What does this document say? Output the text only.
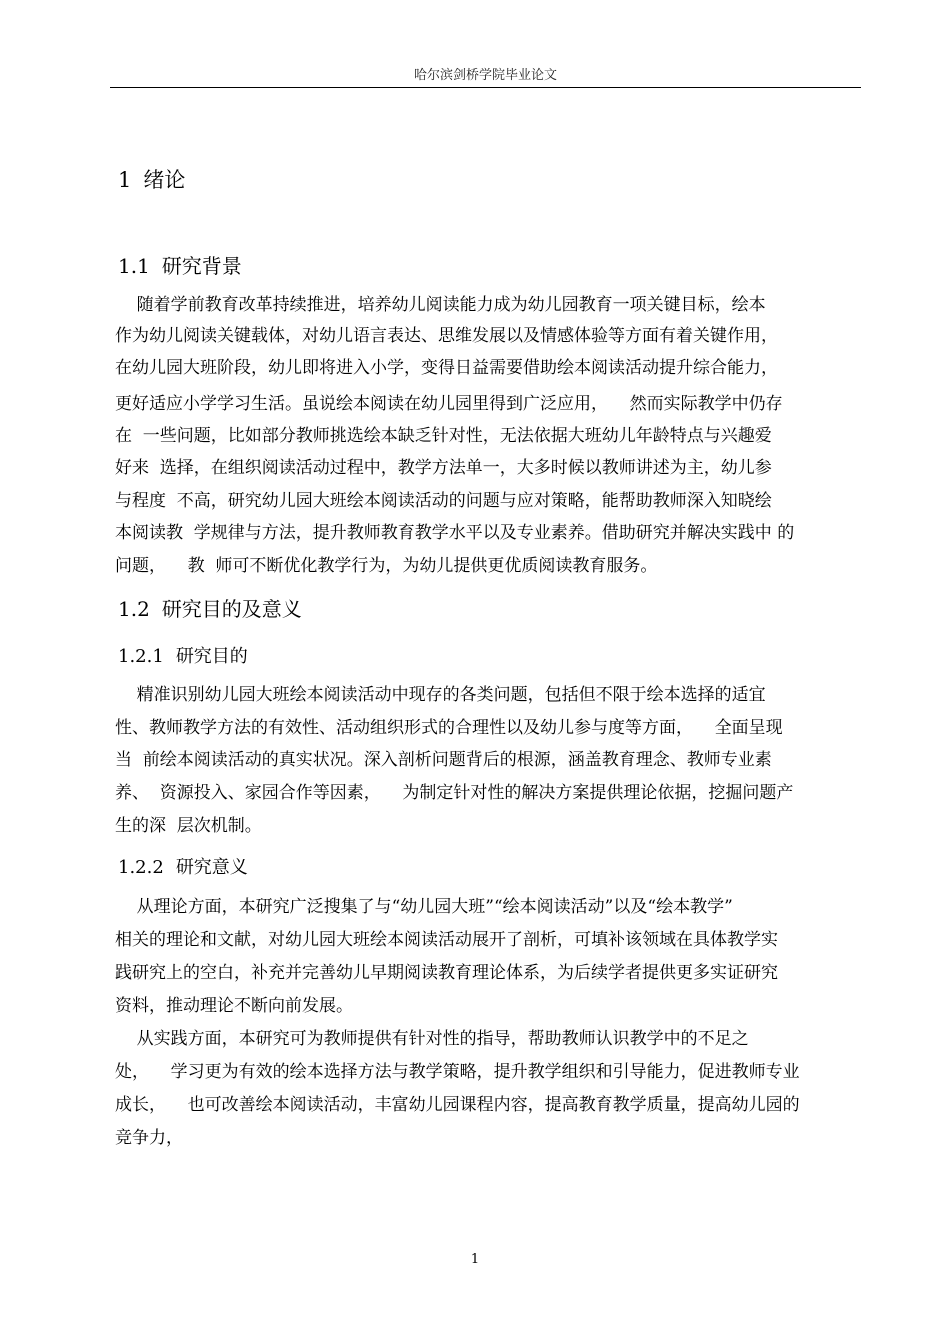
哈尔滨剑桥学院毕业论文
1 绪论
1.1 研究背景
随着学前教育改革持续推进，培养幼儿阅读能力成为幼儿园教育一项关键目标，绘本
作为幼儿阅读关键载体，对幼儿语言表达、思维发展以及情感体验等方面有着关键作用，
在幼儿园大班阶段，幼儿即将进入小学，变得日益需要借助绘本阅读活动提升综合能力，
更好适应小学学习生活。虽说绘本阅读在幼儿园里得到广泛应用，    然而实际教学中仍存
在  一些问题，比如部分教师挑选绘本缺乏针对性，无法依据大班幼儿年龄特点与兴趣爱
好来  选择，在组织阅读活动过程中，教学方法单一，大多时候以教师讲述为主，幼儿参
与程度  不高，研究幼儿园大班绘本阅读活动的问题与应对策略，能帮助教师深入知晓绘
本阅读教  学规律与方法，提升教师教育教学水平以及专业素养。借助研究并解决实践中 的
问题，    教  师可不断优化教学行为，为幼儿提供更优质阅读教育服务。
1.2 研究目的及意义
1.2.1 研究目的
精准识别幼儿园大班绘本阅读活动中现存的各类问题，包括但不限于绘本选择的适宜
性、教师教学方法的有效性、活动组织形式的合理性以及幼儿参与度等方面，    全面呈现
当  前绘本阅读活动的真实状况。深入剖析问题背后的根源，涵盖教育理念、教师专业素
养、  资源投入、家园合作等因素，    为制定针对性的解决方案提供理论依据，挖掘问题产
生的深  层次机制。
1.2.2 研究意义
从理论方面，本研究广泛搜集了与“幼儿园大班”“绘本阅读活动”以及“绘本教学”
相关的理论和文献，对幼儿园大班绘本阅读活动展开了剖析，可填补该领域在具体教学实
践研究上的空白，补充并完善幼儿早期阅读教育理论体系，为后续学者提供更多实证研究
资料，推动理论不断向前发展。
从实践方面，本研究可为教师提供有针对性的指导，帮助教师认识教学中的不足之
处，    学习更为有效的绘本选择方法与教学策略，提升教学组织和引导能力，促进教师专业
成长，    也可改善绘本阅读活动，丰富幼儿园课程内容，提高教育教学质量，提高幼儿园的
竞争力，
1
